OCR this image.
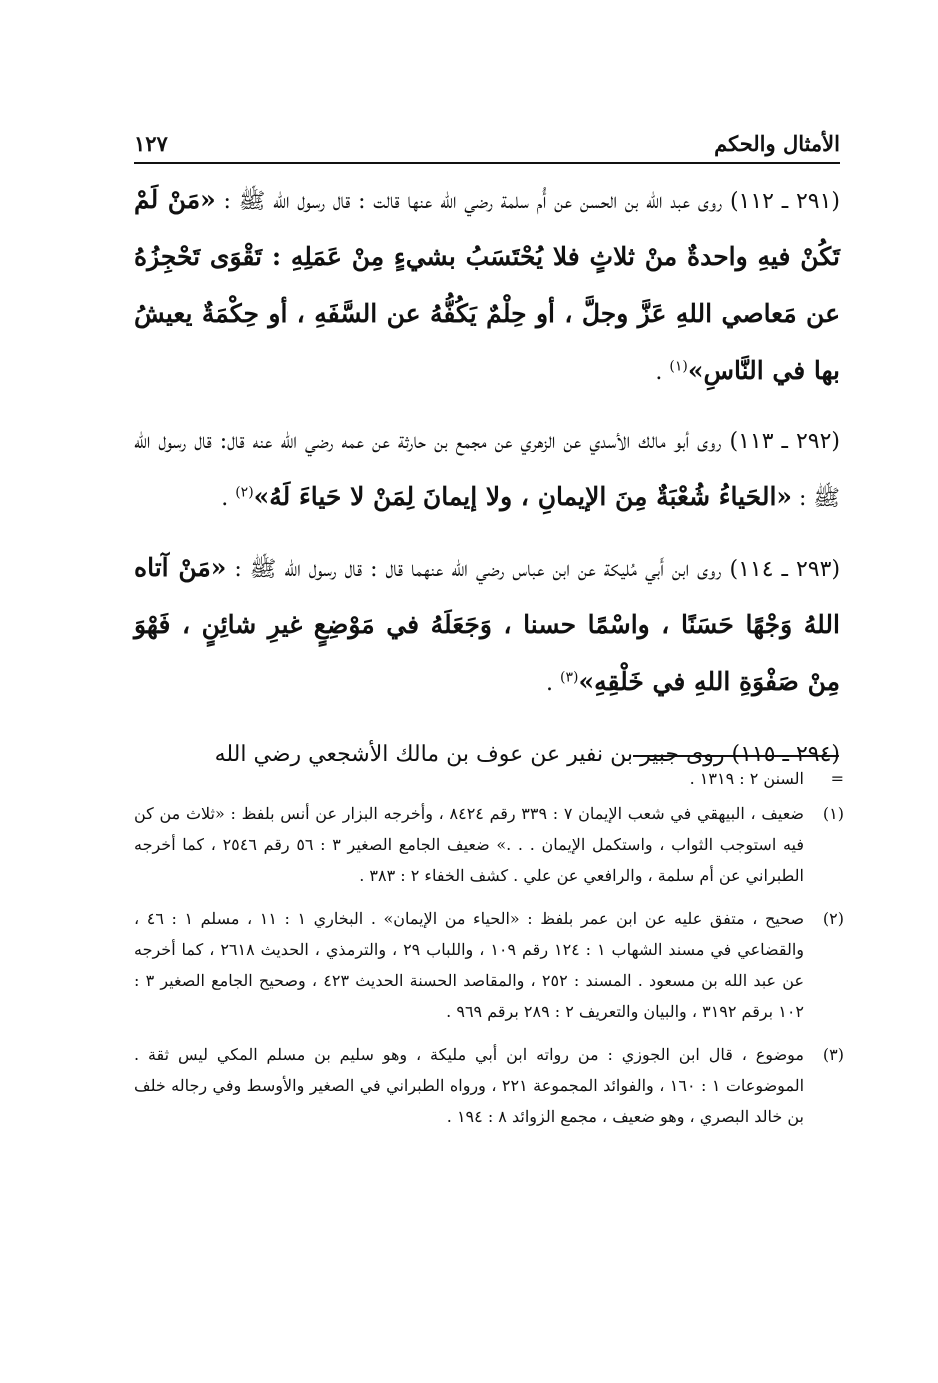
الأمثال والحكم
١٢٧

(٢٩١ ـ ١١٢) روى عبد الله بن الحسن عن أُم سلمة رضي الله عنها قالت : قال رسول الله ﷺ : «مَنْ لَمْ تَكُنْ فيهِ واحدةٌ منْ ثلاثٍ فلا يُحْتَسَبُ بشيءٍ مِنْ عَمَلِهِ : تَقْوَى تَحْجِزُهُ عن مَعاصي اللهِ عَزَّ وجلَّ ، أو حِلْمٌ يَكُفُّهُ عن السَّفَهِ ، أو حِكْمَةٌ يعيشُ بها في النَّاسِ»$^{(١)}$ .

(٢٩٢ ـ ١١٣) روى أبو مالك الأسدي عن الزهري عن مجمع بن حارثة عن عمه رضي الله عنه قال: قال رسول الله ﷺ : «الحَياءُ شُعْبَةٌ مِنَ الإيمانِ ، ولا إيمانَ لِمَنْ لا حَياءَ لَهُ»$^{(٢)}$ .

(٢٩٣ ـ ١١٤) روى ابن أَبي مُليكة عن ابن عباس رضي الله عنهما قال : قال رسول الله ﷺ : «مَنْ آتاه اللهُ وَجْهًا حَسَنًا ، واسْمًا حسنا ، وَجَعَلَهُ في مَوْضِعٍ غيرِ شائِنٍ ، فَهْوَ مِنْ صَفْوَةِ اللهِ في خَلْقِهِ»$^{(٣)}$ .

(٢٩٤ ـ ١١٥) روى جبير بن نفير عن عوف بن مالك الأشجعي رضي الله

=
السنن ٢ : ١٣١٩ .
(١)
ضعيف ، البيهقي في شعب الإيمان ٧ : ٣٣٩ رقم ٨٤٢٤ ، وأخرجه البزار عن أنس بلفظ : «ثلاث من كن فيه استوجب الثواب ، واستكمل الإيمان . . .» ضعيف الجامع الصغير ٣ : ٥٦ رقم ٢٥٤٦ ، كما أخرجه الطبراني عن أم سلمة ، والرافعي عن علي . كشف الخفاء ٢ : ٣٨٣ .
(٢)
صحيح ، متفق عليه عن ابن عمر بلفظ : «الحياء من الإيمان» . البخاري ١ : ١١ ، مسلم ١ : ٤٦ ، والقضاعي في مسند الشهاب ١ : ١٢٤ رقم ١٠٩ ، واللباب ٢٩ ، والترمذي ، الحديث ٢٦١٨ ، كما أخرجه عن عبد الله بن مسعود . المسند : ٢٥٢ ، والمقاصد الحسنة الحديث ٤٢٣ ، وصحيح الجامع الصغير ٣ : ١٠٢ برقم ٣١٩٢ ، والبيان والتعريف ٢ : ٢٨٩ برقم ٩٦٩ .
(٣)
موضوع ، قال ابن الجوزي : من رواته ابن أبي مليكة ، وهو سليم بن مسلم المكي ليس ثقة . الموضوعات ١ : ١٦٠ ، والفوائد المجموعة ٢٢١ ، ورواه الطبراني في الصغير والأوسط وفي رجاله خلف بن خالد البصري ، وهو ضعيف ، مجمع الزوائد ٨ : ١٩٤ .
